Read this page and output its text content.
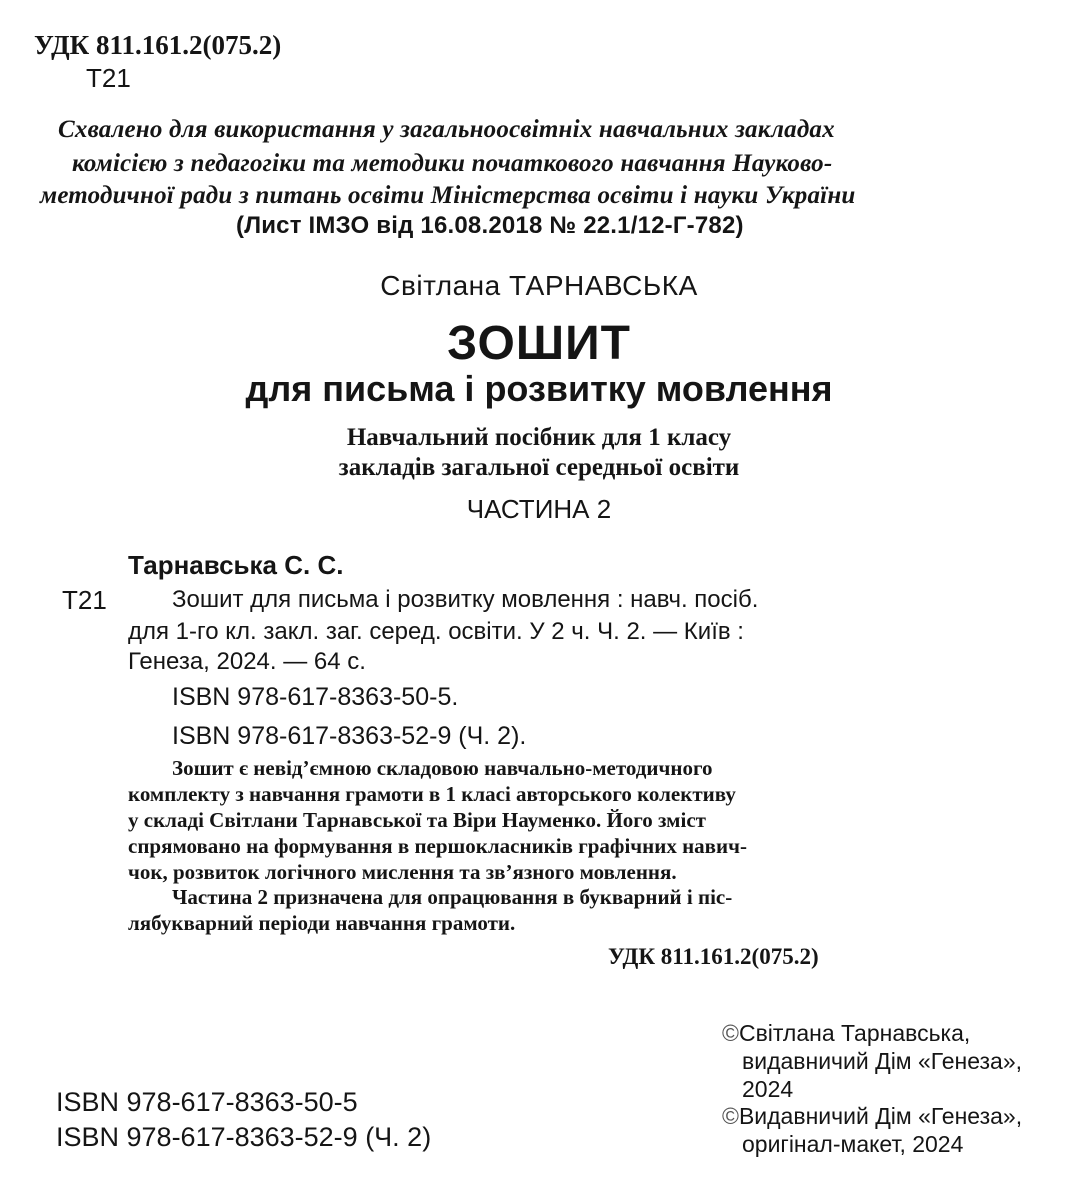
УДК 811.161.2(075.2)
Т21
Схвалено для використання у загальноосвітніх навчальних закладах
комісією з педагогіки та методики початкового навчання Науково-
методичної ради з питань освіти Міністерства освіти і науки України
(Лист ІМЗО від 16.08.2018 № 22.1/12-Г-782)
Світлана ТАРНАВСЬКА
ЗОШИТ
для письма і розвитку мовлення
Навчальний посібник для 1 класу
закладів загальної середньої освіти
ЧАСТИНА 2
Тарнавська С. С.
Т21	Зошит для письма і розвитку мовлення : навч. посіб.
для 1-го кл. закл. заг. серед. освіти. У 2 ч. Ч. 2. — Київ :
Генеза, 2024. — 64 с.
ISBN 978-617-8363-50-5.
ISBN 978-617-8363-52-9 (Ч. 2).
Зошит є невід’ємною складовою навчально-методичного
комплекту з навчання грамоти в 1 класі авторського колективу
у складі Світлани Тарнавської та Віри Науменко. Його зміст
спрямовано на формування в першокласників графічних навич-
чок, розвиток логічного мислення та зв’язного мовлення.
Частина 2 призначена для опрацювання в букварний і піс-
лябукварний періоди навчання грамоти.
УДК 811.161.2(075.2)
ISBN 978-617-8363-50-5
ISBN 978-617-8363-52-9 (Ч. 2)
©Світлана Тарнавська,
видавничий Дім «Генеза»,
2024
©Видавничий Дім «Генеза»,
оригінал-макет, 2024
